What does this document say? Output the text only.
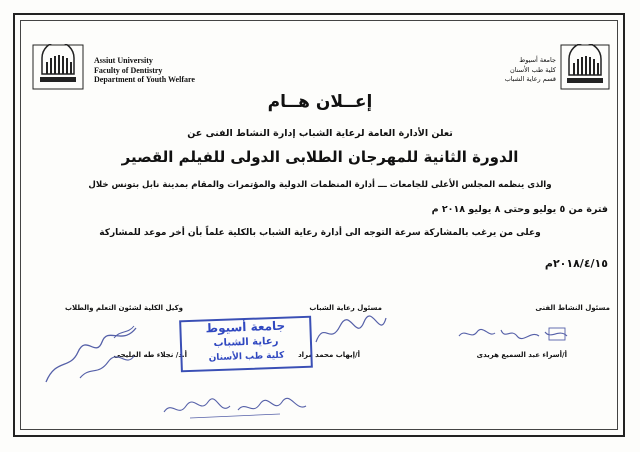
Assiut University
Faculty of Dentistry
Department of Youth Welfare
جامعة أسيوط
كلية طب الأسنان
قسم رعاية الشباب
إعــلان هــام
تعلن الأدارة العامة لرعاية الشباب إدارة النشاط الفنى عن
الدورة الثانية للمهرجان الطلابى الدولى للفيلم القصير
والذى ينظمه المجلس الأعلى للجامعات ـــ أدارة المنظمات الدولية والمؤتمرات والمقام بمدينة نابل بتونس خلال
فترة من ٥ يوليو وحتى ٨ يوليو ٢٠١٨ م
وعلى من يرغب بالمشاركة سرعة التوجه الى أدارة رعاية الشباب بالكلية علماً بأن أخر موعد للمشاركة
٢٠١٨/٤/١٥م
مسئول النشاط الفنى
مسئول رعاية الشباب
وكيل الكلية لشئون التعلم والطلاب
أ/أسراء عبد السميع هريدى
أ/إيهاب محمد مراد
أ.د/ نجلاء طه المليجى
جامعة أسيوط
رعاية الشباب
كلية طب الأسنان
